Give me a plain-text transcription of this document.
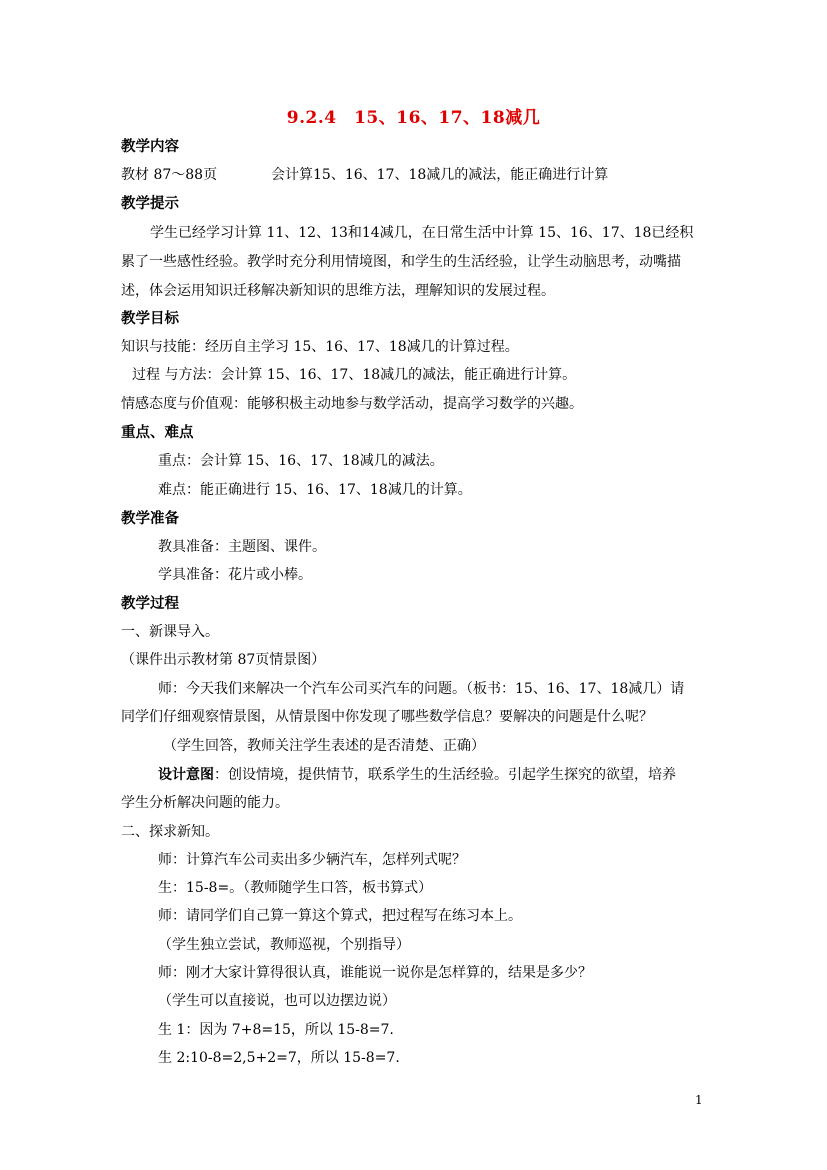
9.2.4　15、16、17、18减几
教学内容
教材 87～88页	会计算15、16、17、18减几的减法，能正确进行计算
教学提示
学生已经学习计算 11、12、13和14减几，在日常生活中计算 15、16、17、18已经积
累了一些感性经验。教学时充分利用情境图，和学生的生活经验，让学生动脑思考，动嘴描
述，体会运用知识迁移解决新知识的思维方法，理解知识的发展过程。
教学目标
知识与技能：经历自主学习 15、16、17、18减几的计算过程。
过程 与方法：会计算 15、16、17、18减几的减法，能正确进行计算。
情感态度与价值观：能够积极主动地参与数学活动，提高学习数学的兴趣。
重点、难点
重点：会计算 15、16、17、18减几的减法。
难点：能正确进行 15、16、17、18减几的计算。
教学准备
教具准备：主题图、课件。
学具准备：花片或小棒。
教学过程
一、新课导入。
（课件出示教材第 87页情景图）
师：今天我们来解决一个汽车公司买汽车的问题。（板书：15、16、17、18减几）请
同学们仔细观察情景图，从情景图中你发现了哪些数学信息？要解决的问题是什么呢？
（学生回答，教师关注学生表述的是否清楚、正确）
设计意图：创设情境，提供情节，联系学生的生活经验。引起学生探究的欲望，培养
学生分析解决问题的能力。
二、探求新知。
师：计算汽车公司卖出多少辆汽车，怎样列式呢？
生：15-8=。（教师随学生口答，板书算式）
师：请同学们自己算一算这个算式，把过程写在练习本上。
（学生独立尝试，教师巡视，个别指导）
师：刚才大家计算得很认真，谁能说一说你是怎样算的，结果是多少？
（学生可以直接说，也可以边摆边说）
生 1：因为 7+8=15，所以 15-8=7.
生 2:10-8=2,5+2=7，所以 15-8=7.
1
